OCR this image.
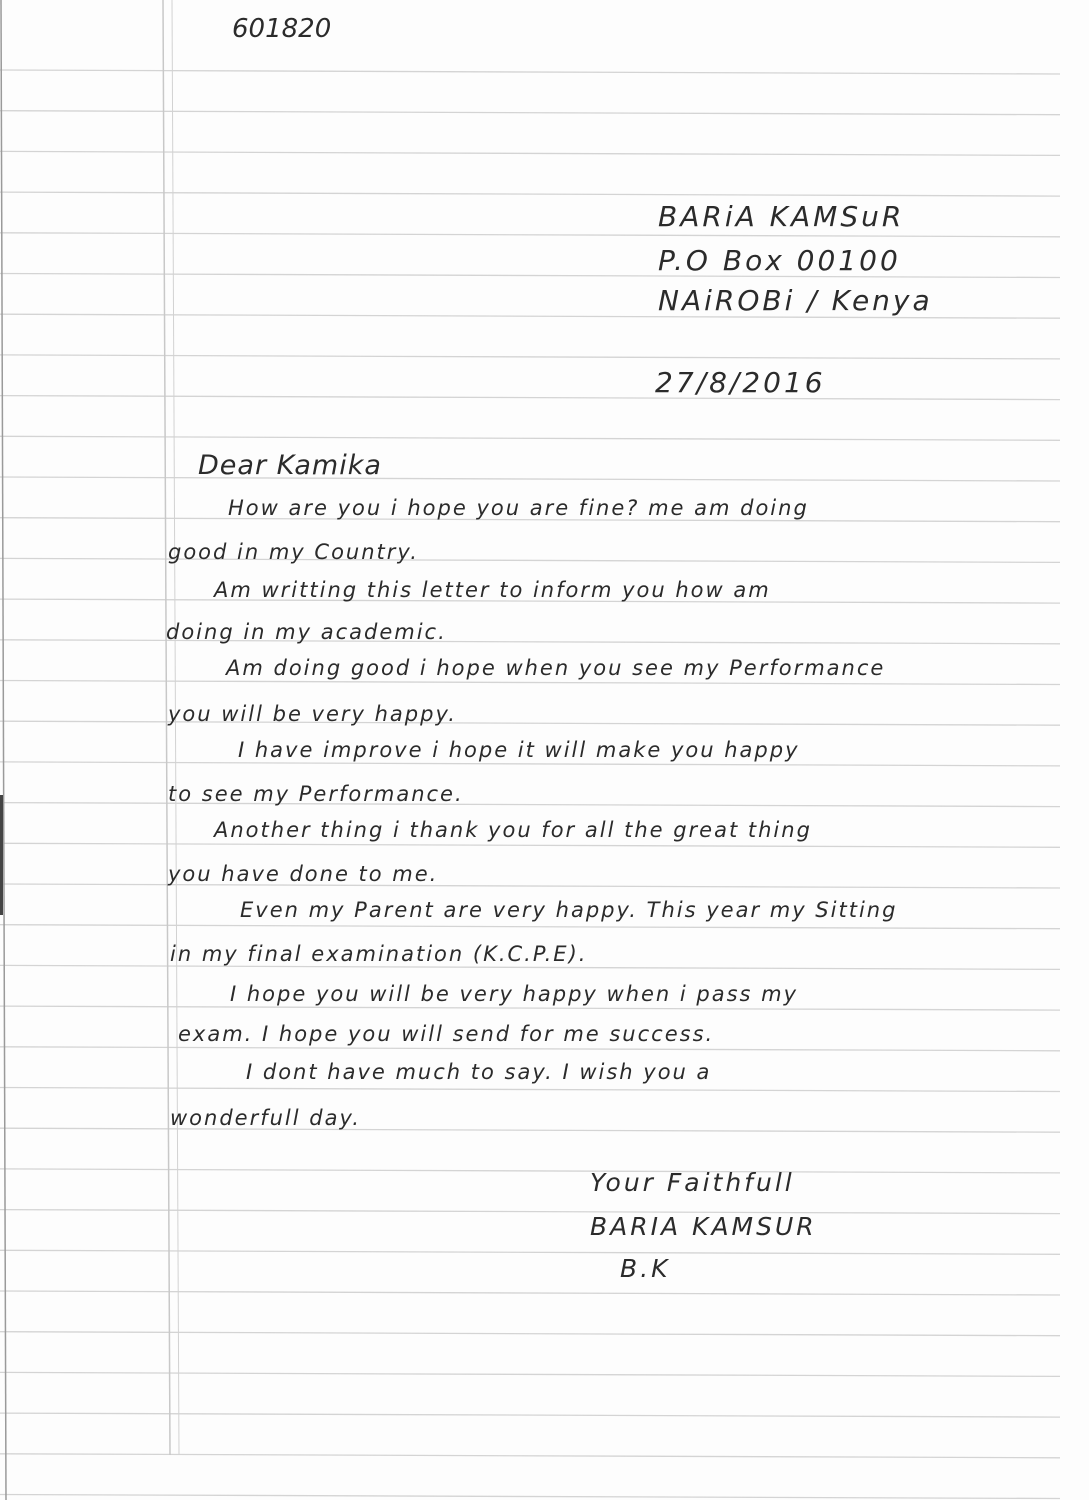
601820
BARiA KAMSuR
P.O Box 00100
NAiROBi / Kenya
27/8/2016
Dear Kamika
How are you i hope you are fine? me am doing
good in my Country.
Am writting this letter to inform you how am
doing in my academic.
Am doing good i hope when you see my Performance
you will be very happy.
I have improve i hope it will make you happy
to see my Performance.
Another thing i thank you for all the great thing
you have done to me.
Even my Parent are very happy. This year my Sitting
in my final examination (K.C.P.E).
I hope you will be very happy when i pass my
exam. I hope you will send for me success.
I dont have much to say. I wish you a
wonderfull day.
Your Faithfull
BARIA KAMSUR
B.K
